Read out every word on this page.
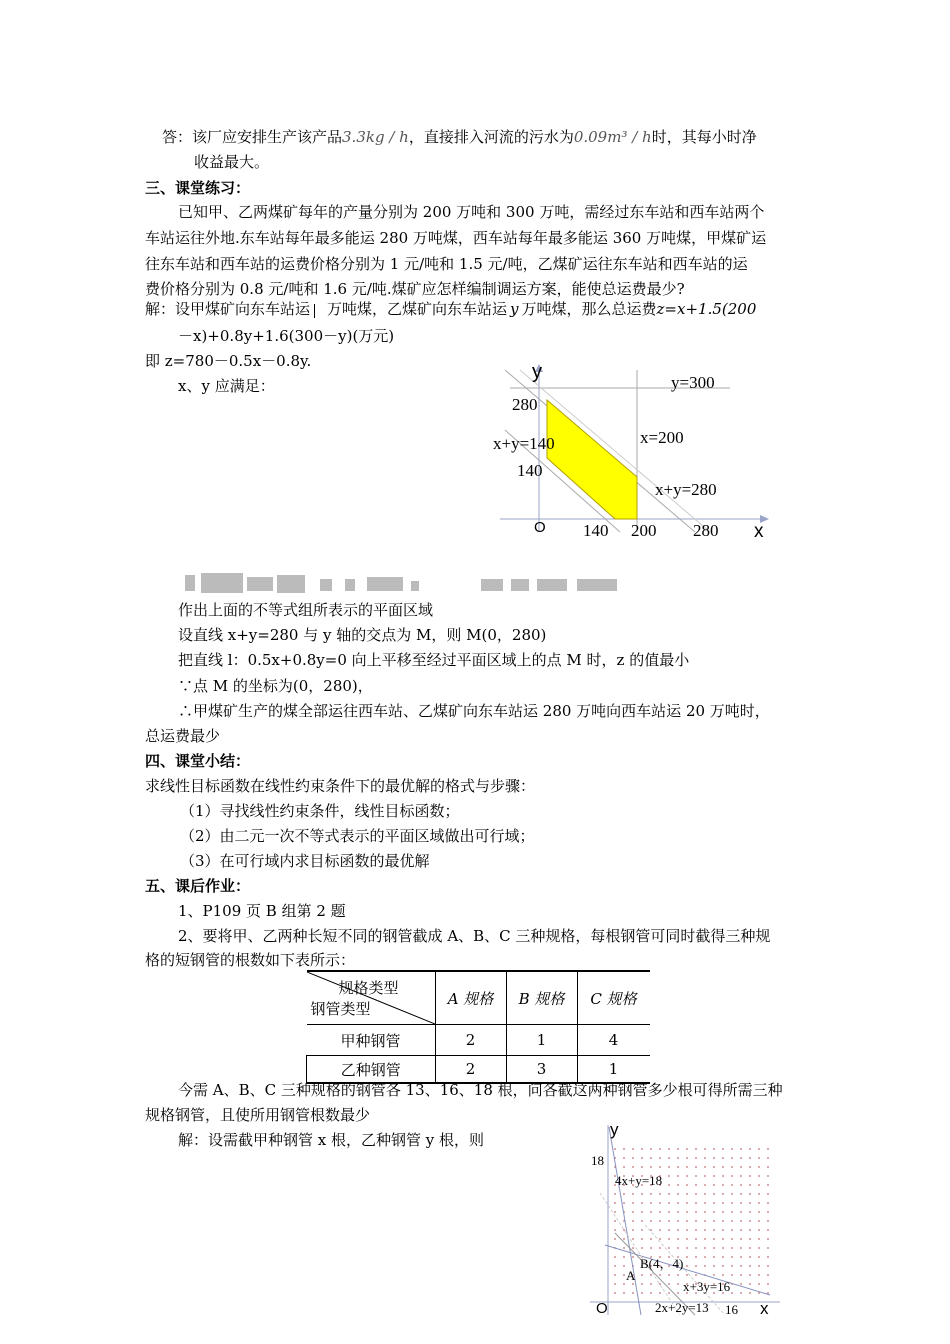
答：该厂应安排生产该产品3.3kg / h，直接排入河流的污水为0.09m³ / h时，其每小时净
收益最大。
三、课堂练习：
已知甲、乙两煤矿每年的产量分别为 200 万吨和 300 万吨，需经过东车站和西车站两个
车站运往外地.东车站每年最多能运 280 万吨煤，西车站每年最多能运 360 万吨煤，甲煤矿运
往东车站和西车站的运费价格分别为 1 元/吨和 1.5 元/吨，乙煤矿运往东车站和西车站的运
费价格分别为 0.8 元/吨和 1.6 元/吨.煤矿应怎样编制调运方案，能使总运费最少?
解：设甲煤矿向东车站运 万吨煤，乙煤矿向东车站运 y 万吨煤，那么总运费z=x+1.5(200
－x)+0.8y+1.6(300－y)(万元)
即 z=780－0.5x－0.8y.
x、y 应满足：
y	y=300
280
x+y=140	x=200
140
x+y=280
O 140 200 280 x
作出上面的不等式组所表示的平面区域
设直线 x+y=280 与 y 轴的交点为 M，则 M(0，280)
把直线 l：0.5x+0.8y=0 向上平移至经过平面区域上的点 M 时，z 的值最小
∵点 M 的坐标为(0，280)，
∴甲煤矿生产的煤全部运往西车站、乙煤矿向东车站运 280 万吨向西车站运 20 万吨时，
总运费最少
四、课堂小结：
求线性目标函数在线性约束条件下的最优解的格式与步骤：
（1）寻找线性约束条件，线性目标函数；
（2）由二元一次不等式表示的平面区域做出可行域；
（3）在可行域内求目标函数的最优解
五、课后作业：
1、P109 页 B 组第 2 题
2、要将甲、乙两种长短不同的钢管截成 A、B、C 三种规格，每根钢管可同时截得三种规
格的短钢管的根数如下表所示：
规格类型
钢管类型	A 规格	B 规格	C 规格
甲种钢管	2	1	4
乙种钢管	2	3	1
今需 A、B、C 三种规格的钢管各 13、16、18 根，问各截这两种钢管多少根可得所需三种
规格钢管，且使所用钢管根数最少
解：设需截甲种钢管 x 根，乙种钢管 y 根，则
y
18
4x+y=18
B(4，4)
A
x+3y=16
O	2x+2y=13 16 x
